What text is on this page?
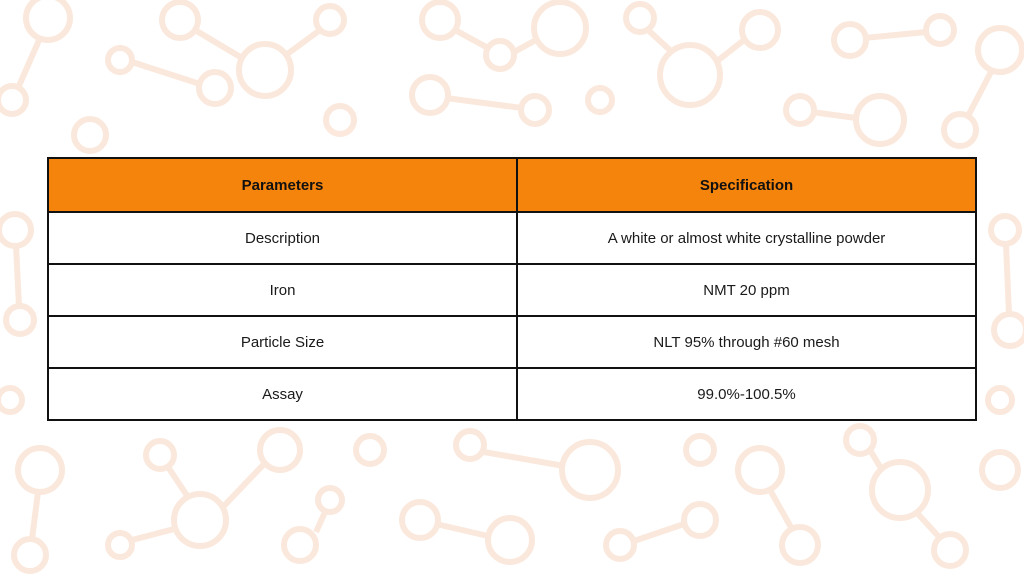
Parameters	Specification
Description	A white or almost white crystalline powder
Iron	NMT 20 ppm
Particle Size	NLT 95% through #60 mesh
Assay	99.0%-100.5%
